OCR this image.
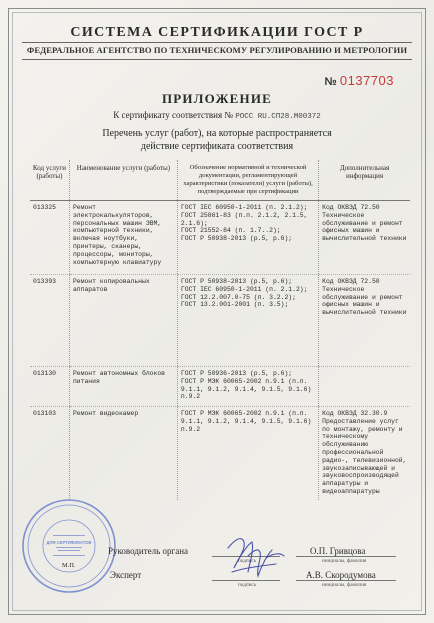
СИСТЕМА СЕРТИФИКАЦИИ ГОСТ Р
ФЕДЕРАЛЬНОЕ АГЕНТСТВО ПО ТЕХНИЧЕСКОМУ РЕГУЛИРОВАНИЮ И МЕТРОЛОГИИ
№ 0137703
ПРИЛОЖЕНИЕ
К сертификату соответствия № РОСС RU.СП28.М00372
Перечень услуг (работ), на которые распространяется
действие сертификата соответствия
Код услуги (работы)	Наименование услуги (работы)	Обозначение нормативной и технической документации, регламентирующей характеристики (показатели) услуги (работы), подтверждаемые при сертификации	Дополнительная информация
013325	Ремонт электрокалькуляторов, персональных машин ЭВМ, компьютерной техники, включая ноутбуки, принтеры, сканеры, процессоры, мониторы, компьютерную клавиатуру	ГОСТ IEC 60950-1-2011 (п. 2.1.2);
ГОСТ 25861-83 (п.п. 2.1.2, 2.1.5, 2.1.6);
ГОСТ 21552-84 (п. 1.7..2);
ГОСТ Р 50938-2013 (р.5, р.6);	Код ОКВЭД 72.50 Техническое обслуживание и ремонт офисных машин и вычислительной техники
013393	Ремонт копировальных аппаратов	ГОСТ Р 50938-2013 (р.5, р.6);
ГОСТ IEC 60950-1-2011 (п. 2.1.2);
ГОСТ 12.2.007.0-75 (п. 3.2.2);
ГОСТ 13.2.001-2001 (п. 3.5);	Код ОКВЭД 72.50 Техническое обслуживание и ремонт офисных машин и вычислительной техники
013130	Ремонт автономных блоков питания	ГОСТ Р 50936-2013 (р.5, р.6);
ГОСТ Р МЭК 60065-2002 п.9.1 (п.п. 9.1.1, 9.1.2, 9.1.4, 9.1.5, 9.1.6) п.9.2	
013103	Ремонт видеокамер	ГОСТ Р МЭК 60065-2002 п.9.1 (п.п. 9.1.1, 9.1.2, 9.1.4, 9.1.5, 9.1.6) п.9.2	Код ОКВЭД 32.30.9 Предоставление услуг по монтажу, ремонту и техническому обслуживанию профессиональной радио-, телевизионной, звукозаписывающей и звуковоспроизводящей аппаратуры и видеоаппаратуры
ДЛЯ СЕРТИФИКАТОВ
М.П.
Руководитель органа
подпись
О.П. Гривцова
инициалы, фамилия
Эксперт
подпись
А.В. Скородумова
инициалы, фамилия
